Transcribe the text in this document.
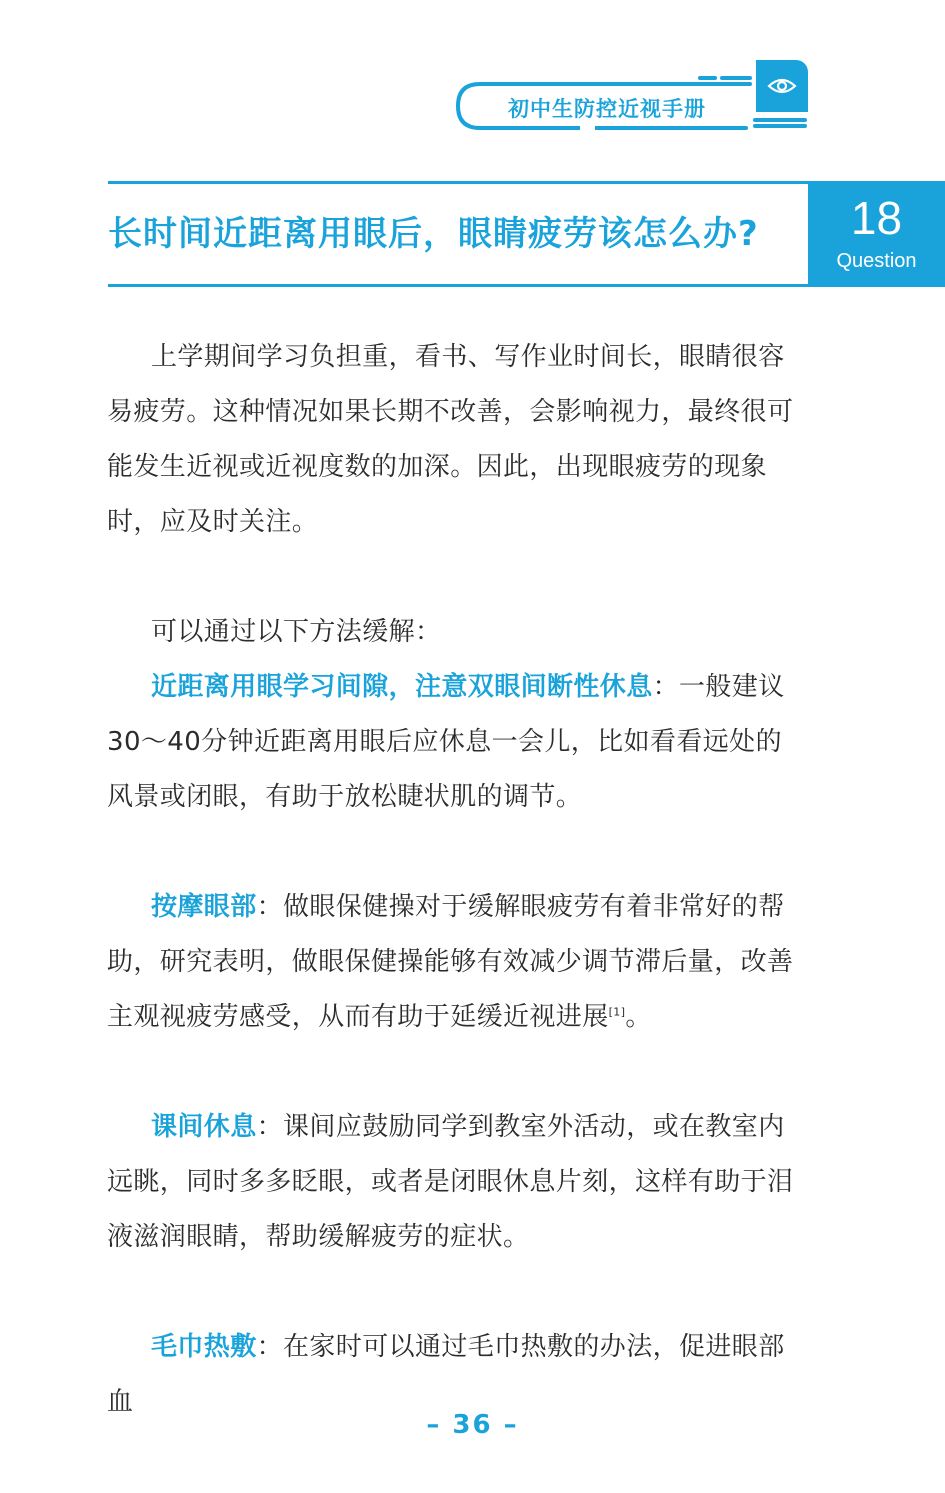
初中生防控近视手册
长时间近距离用眼后，眼睛疲劳该怎么办?	18
Question

上学期间学习负担重，看书、写作业时间长，眼睛很容易疲劳。这种情况如果长期不改善，会影响视力，最终很可能发生近视或近视度数的加深。因此，出现眼疲劳的现象时，应及时关注。

可以通过以下方法缓解：

近距离用眼学习间隙，注意双眼间断性休息：一般建议30～40分钟近距离用眼后应休息一会儿，比如看看远处的风景或闭眼，有助于放松睫状肌的调节。

按摩眼部：做眼保健操对于缓解眼疲劳有着非常好的帮助，研究表明，做眼保健操能够有效减少调节滞后量，改善主观视疲劳感受，从而有助于延缓近视进展[1]。

课间休息：课间应鼓励同学到教室外活动，或在教室内远眺，同时多多眨眼，或者是闭眼休息片刻，这样有助于泪液滋润眼睛，帮助缓解疲劳的症状。

毛巾热敷：在家时可以通过毛巾热敷的办法，促进眼部血

– 36 –
